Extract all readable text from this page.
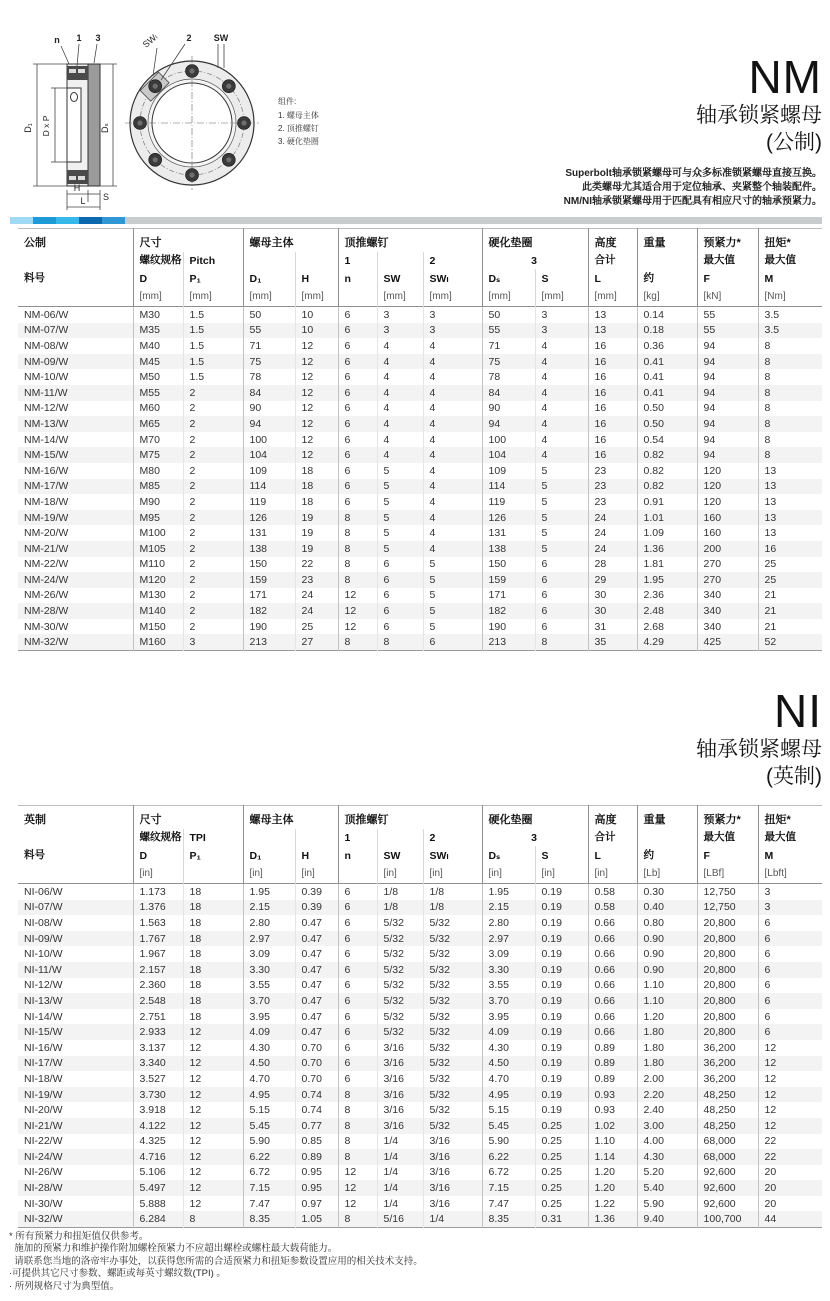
n 1 3
D₁ D x P	Dₛ
H
S
L
SWₗ	2 SW
组件:
1. 螺母主体
2. 顶推螺钉
3. 硬化垫圈
NM
轴承锁紧螺母
(公制)
Superbolt轴承锁紧螺母可与众多标准锁紧螺母直接互换。
此类螺母尤其适合用于定位轴承、夹紧整个轴装配件。
NM/NI轴承锁紧螺母用于匹配具有相应尺寸的轴承预紧力。
公制	尺寸		螺母主体		顶推螺钉			硬化垫圈		高度	重量	预紧力*	扭矩*
	螺纹规格	Pitch			1		2	3		合计		最大值	最大值
料号	D	P₁	D₁	H	n	SW	SWₗ	Dₛ	S	L	约	F	M
	[mm]	[mm]	[mm]	[mm]		[mm]	[mm]	[mm]	[mm]	[mm]	[kg]	[kN]	[Nm]
NM-06/W	M30	1.5	50	10	6	3	3	50	3	13	0.14	55	3.5
NM-07/W	M35	1.5	55	10	6	3	3	55	3	13	0.18	55	3.5
NM-08/W	M40	1.5	71	12	6	4	4	71	4	16	0.36	94	8
NM-09/W	M45	1.5	75	12	6	4	4	75	4	16	0.41	94	8
NM-10/W	M50	1.5	78	12	6	4	4	78	4	16	0.41	94	8
NM-11/W	M55	2	84	12	6	4	4	84	4	16	0.41	94	8
NM-12/W	M60	2	90	12	6	4	4	90	4	16	0.50	94	8
NM-13/W	M65	2	94	12	6	4	4	94	4	16	0.50	94	8
NM-14/W	M70	2	100	12	6	4	4	100	4	16	0.54	94	8
NM-15/W	M75	2	104	12	6	4	4	104	4	16	0.82	94	8
NM-16/W	M80	2	109	18	6	5	4	109	5	23	0.82	120	13
NM-17/W	M85	2	114	18	6	5	4	114	5	23	0.82	120	13
NM-18/W	M90	2	119	18	6	5	4	119	5	23	0.91	120	13
NM-19/W	M95	2	126	19	8	5	4	126	5	24	1.01	160	13
NM-20/W	M100	2	131	19	8	5	4	131	5	24	1.09	160	13
NM-21/W	M105	2	138	19	8	5	4	138	5	24	1.36	200	16
NM-22/W	M110	2	150	22	8	6	5	150	6	28	1.81	270	25
NM-24/W	M120	2	159	23	8	6	5	159	6	29	1.95	270	25
NM-26/W	M130	2	171	24	12	6	5	171	6	30	2.36	340	21
NM-28/W	M140	2	182	24	12	6	5	182	6	30	2.48	340	21
NM-30/W	M150	2	190	25	12	6	5	190	6	31	2.68	340	21
NM-32/W	M160	3	213	27	8	8	6	213	8	35	4.29	425	52
NI
轴承锁紧螺母
(英制)
英制	尺寸		螺母主体		顶推螺钉			硬化垫圈		高度	重量	预紧力*	扭矩*
	螺纹规格	TPI			1		2	3		合计		最大值	最大值
料号	D	P₁	D₁	H	n	SW	SWₗ	Dₛ	S	L	约	F	M
	[in]		[in]	[in]		[in]	[in]	[in]	[in]	[in]	[Lb]	[LBf]	[Lbft]
NI-06/W	1.173	18	1.95	0.39	6	1/8	1/8	1.95	0.19	0.58	0.30	12,750	3
NI-07/W	1.376	18	2.15	0.39	6	1/8	1/8	2.15	0.19	0.58	0.40	12,750	3
NI-08/W	1.563	18	2.80	0.47	6	5/32	5/32	2.80	0.19	0.66	0.80	20,800	6
NI-09/W	1.767	18	2.97	0.47	6	5/32	5/32	2.97	0.19	0.66	0.90	20,800	6
NI-10/W	1.967	18	3.09	0.47	6	5/32	5/32	3.09	0.19	0.66	0.90	20,800	6
NI-11/W	2.157	18	3.30	0.47	6	5/32	5/32	3.30	0.19	0.66	0.90	20,800	6
NI-12/W	2.360	18	3.55	0.47	6	5/32	5/32	3.55	0.19	0.66	1.10	20,800	6
NI-13/W	2.548	18	3.70	0.47	6	5/32	5/32	3.70	0.19	0.66	1.10	20,800	6
NI-14/W	2.751	18	3.95	0.47	6	5/32	5/32	3.95	0.19	0.66	1.20	20,800	6
NI-15/W	2.933	12	4.09	0.47	6	5/32	5/32	4.09	0.19	0.66	1.80	20,800	6
NI-16/W	3.137	12	4.30	0.70	6	3/16	5/32	4.30	0.19	0.89	1.80	36,200	12
NI-17/W	3.340	12	4.50	0.70	6	3/16	5/32	4.50	0.19	0.89	1.80	36,200	12
NI-18/W	3.527	12	4.70	0.70	6	3/16	5/32	4.70	0.19	0.89	2.00	36,200	12
NI-19/W	3.730	12	4.95	0.74	8	3/16	5/32	4.95	0.19	0.93	2.20	48,250	12
NI-20/W	3.918	12	5.15	0.74	8	3/16	5/32	5.15	0.19	0.93	2.40	48,250	12
NI-21/W	4.122	12	5.45	0.77	8	3/16	5/32	5.45	0.25	1.02	3.00	48,250	12
NI-22/W	4.325	12	5.90	0.85	8	1/4	3/16	5.90	0.25	1.10	4.00	68,000	22
NI-24/W	4.716	12	6.22	0.89	8	1/4	3/16	6.22	0.25	1.14	4.30	68,000	22
NI-26/W	5.106	12	6.72	0.95	12	1/4	3/16	6.72	0.25	1.20	5.20	92,600	20
NI-28/W	5.497	12	7.15	0.95	12	1/4	3/16	7.15	0.25	1.20	5.40	92,600	20
NI-30/W	5.888	12	7.47	0.97	12	1/4	3/16	7.47	0.25	1.22	5.90	92,600	20
NI-32/W	6.284	8	8.35	1.05	8	5/16	1/4	8.35	0.31	1.36	9.40	100,700	44
* 所有预紧力和扭矩值仅供参考。
施加的预紧力和维护操作附加螺栓预紧力不应超出螺栓或螺柱最大载荷能力。
请联系您当地的洛帝牢办事处，以获得您所需的合适预紧力和扭矩参数设置应用的相关技术支持。
·可提供其它尺寸参数、螺距或每英寸螺纹数(TPI) 。
· 所列规格尺寸为典型值。
